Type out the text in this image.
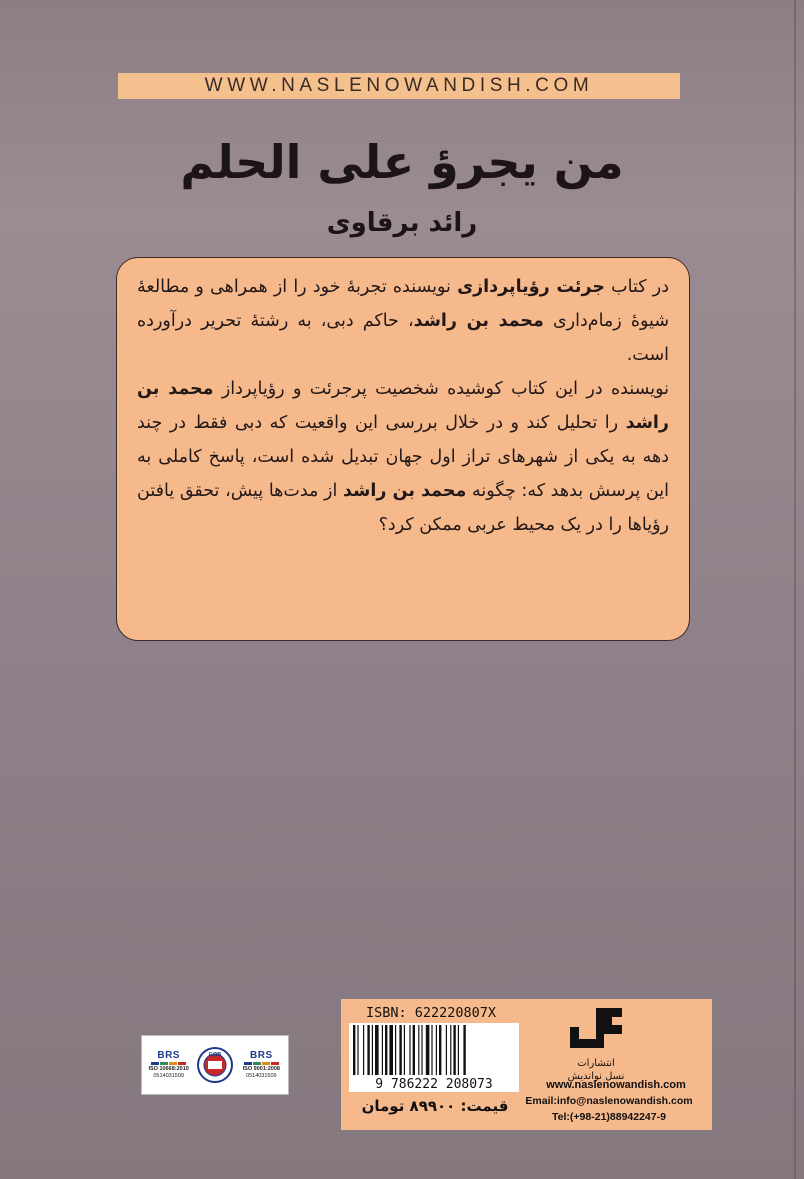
WWW.NASLENOWANDISH.COM
من یجرؤ علی الحلم
رائد برقاوی

در کتاب جرئت رؤیاپردازی نویسنده تجربهٔ خود را از همراهی و مطالعهٔ شیوهٔ زمام‌داری محمد بن راشد، حاکم دبی، به رشتهٔ تحریر درآورده است.

نویسنده در این کتاب کوشیده شخصیت پرجرئت و رؤیاپرداز محمد بن راشد را تحلیل کند و در خلال بررسی این واقعیت که دبی فقط در چند دهه به یکی از شهرهای تراز اول جهان تبدیل شده است، پاسخ کاملی به این پرسش بدهد که: چگونه محمد بن راشد از مدت‌ها پیش، تحقق یافتن رؤیاها را در یک محیط عربی ممکن کرد؟

BRS
ISO 10668:2010
0514031509
GOB	BRS
ISO 9001:2008
0514031509
ISBN: 622220807X
9 786222 208073
قیمت: ۸۹۹۰۰ تومان
انتشارات
نسل نواندیش
www.naslenowandish.com
Email:info@naslenowandish.com
Tel:(+98-21)88942247-9
